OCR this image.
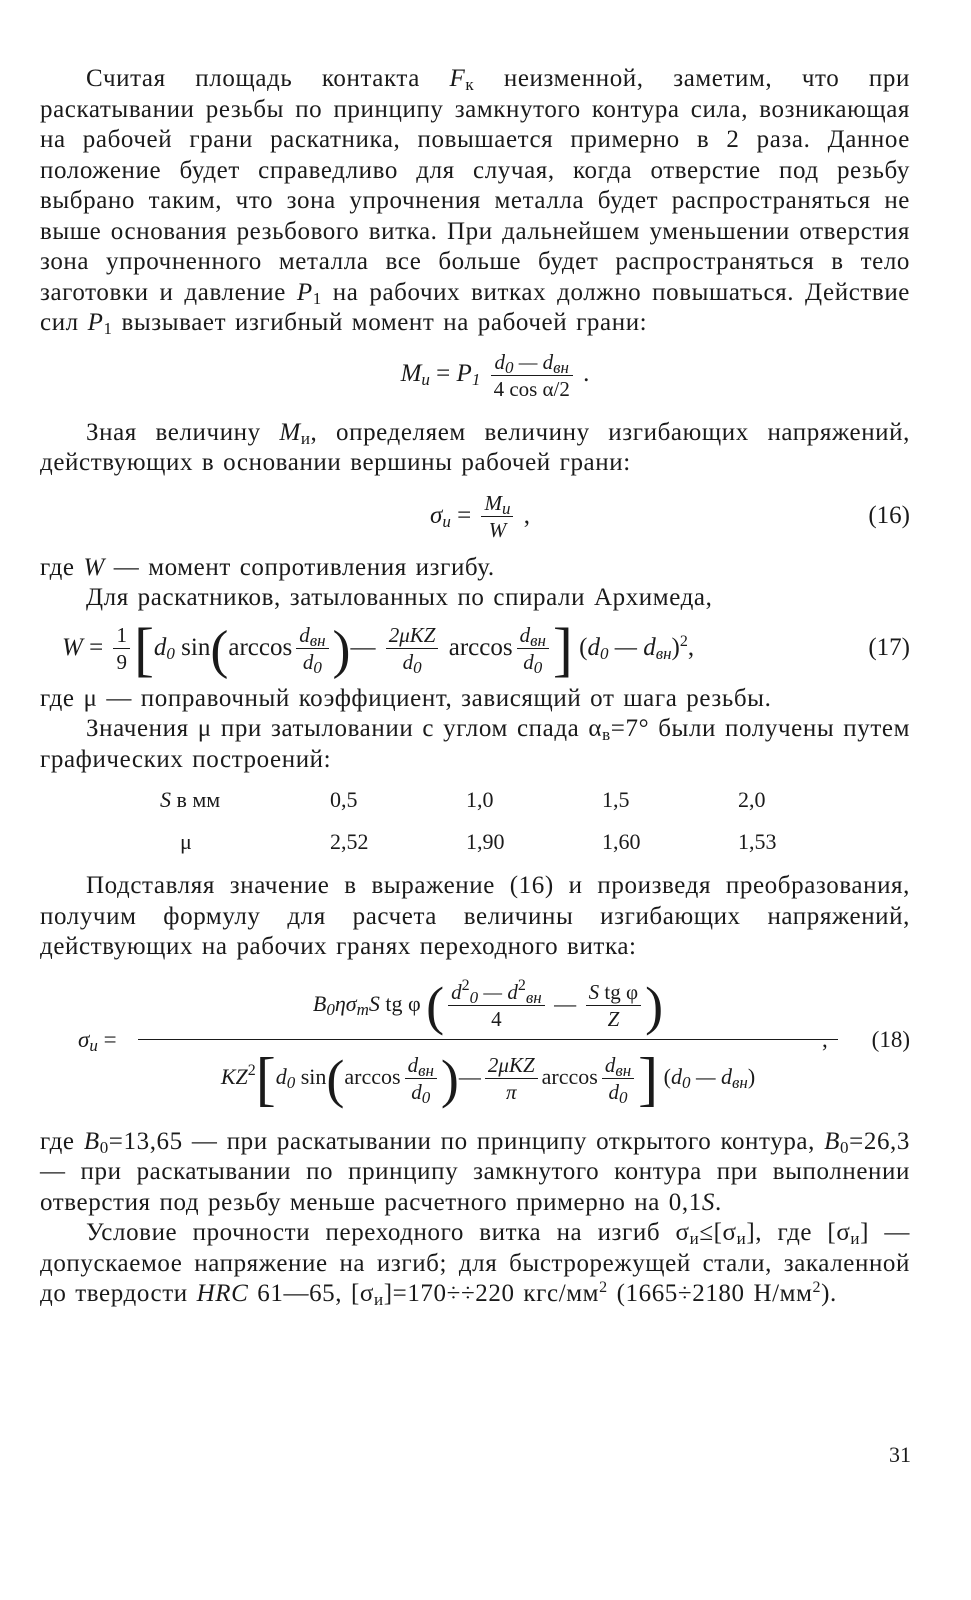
Считая площадь контакта $F_к$ неизменной, заметим, что при раскатывании резьбы по принципу замкнутого контура сила, возникающая на рабочей грани раскатника, повышается примерно в 2 раза. Данное положение будет справедливо для случая, когда отверстие под резьбу выбрано таким, что зона упрочнения металла будет распространяться не выше основания резьбового витка. При дальнейшем уменьшении отверстия зона упрочненного металла все больше будет распространяться в тело заготовки и давление $P_1$ на рабочих витках должно повышаться. Действие сил $P_1$ вызывает изгибный момент на рабочей грани:

$M_и = P_1 \frac{d_0 — d_{вн}}{\text{4 cos α/2}}$ .

Зная величину $M_и$, определяем величину изгибающих напряжений, действующих в основании вершины рабочей грани:

$\sigma_и = \frac{M_и}{W}$ ,	(16)

где W — момент сопротивления изгибу.

Для раскатников, затылованных по спирали Архимеда,

$W = \frac{1}{9} [d_0$ $\sin(\arccos \frac{d_{вн}}{d_0}$ )— $\frac{\text{2μKZ}}{d_0}$ $\arccos \frac{d_{вн}}{d_0}$ ] ($d_0$ — $d_{вн})^2$,	(17)

где μ — поправочный коэффициент, зависящий от шага резьбы.

Значения μ при затыловании с углом спада $\alpha_в=7^\circ$ были получены путем графических построений:

S в мм	0,5	1,0	1,5	2,0
μ	2,52	1,90	1,60	1,53

Подставляя значение в выражение (16) и произведя преобразования, получим формулу для расчета величины изгибающих напряжений, действующих на рабочих гранях переходного витка:

$\sigma_и$ =
$B_0\eta\sigma_тS$ tg φ ( $\frac{d^2_0 — d^2_{вн}}{4}$ — $\frac{\text{S tg φ}}{Z}$ )
$KZ^2[d_0$ $\sin(\arccos \frac{d_{вн}}{d_0}$ )— $\frac{\text{2μKZ}}{\pi}$ $\arccos \frac{d_{вн}}{d_0}$ ] ($d_0$ — $d_{вн}$)
, (18)

где $B_0=13,65$ — при раскатывании по принципу открытого контура, $B_0=26,3$ — при раскатывании по принципу замкнутого контура при выполнении отверстия под резьбу меньше расчетного примерно на 0,1S.

Условие прочности переходного витка на изгиб $\sigma_и\le[\sigma_и]$, где $[\sigma_и]$ — допускаемое напряжение на изгиб; для быстрорежущей стали, закаленной до твердости HRC 61—65, $[\sigma_и]=170\div\div 220$ кгс/$мм^2$ (1665÷2180 $Н/мм^2$).

31
